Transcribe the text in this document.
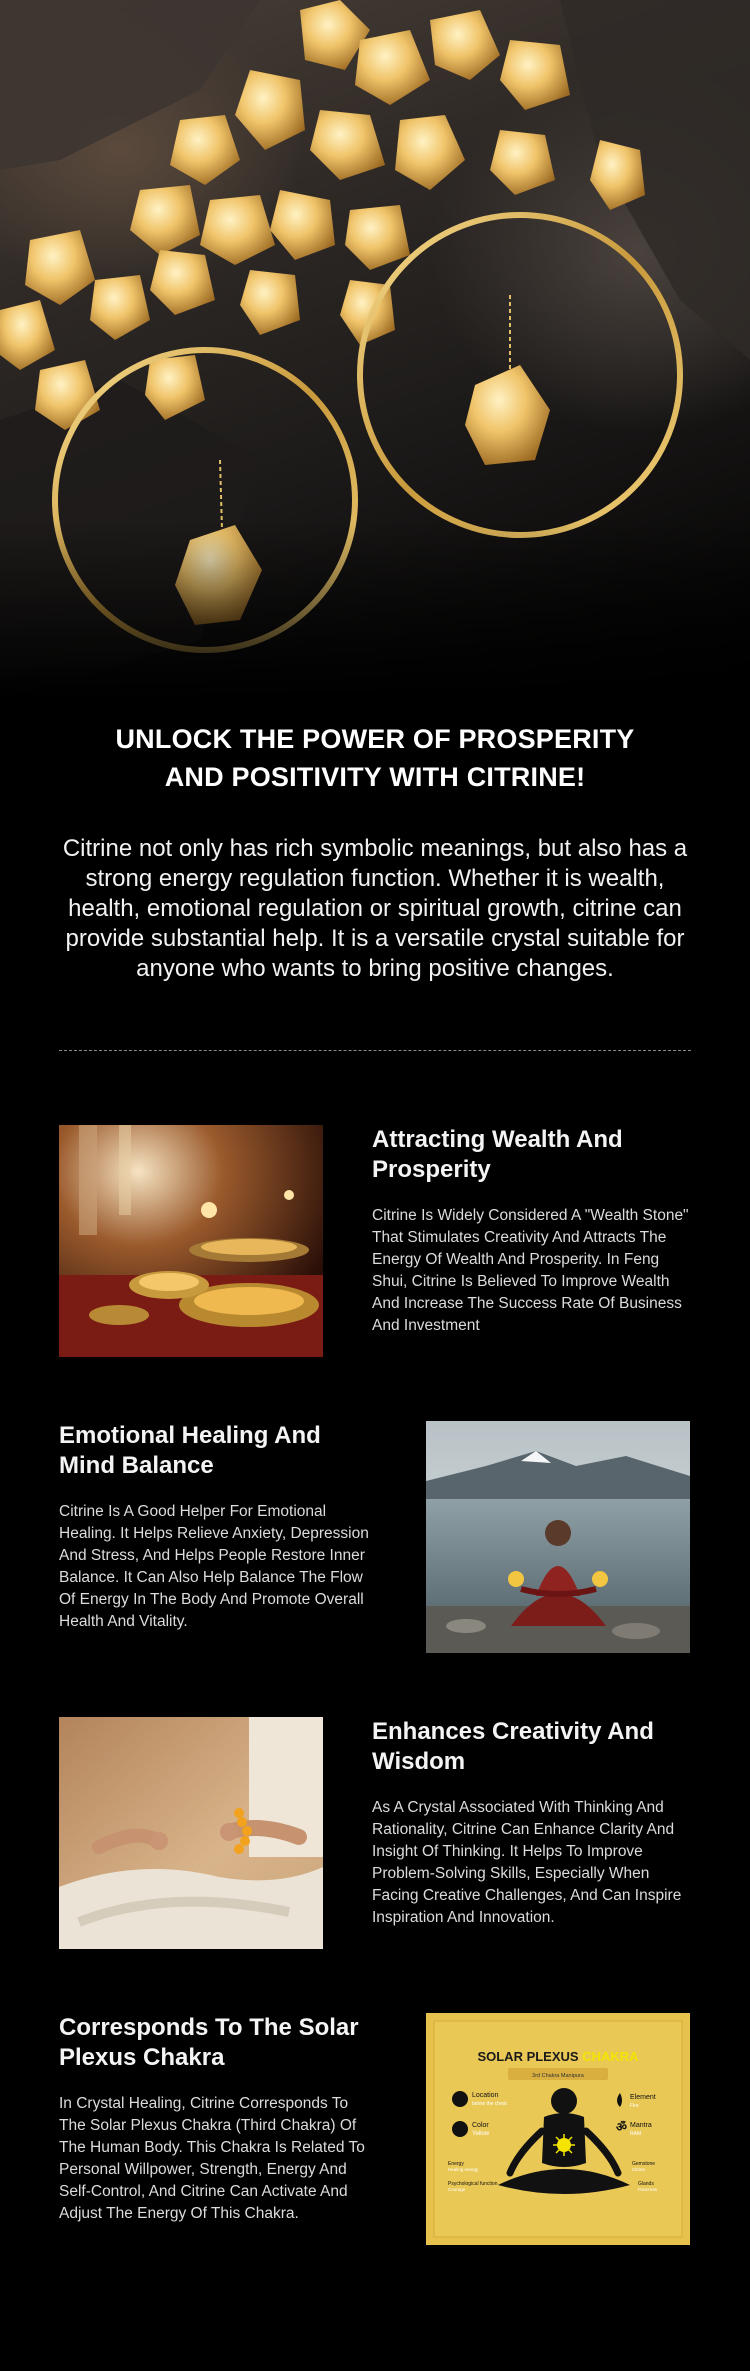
UNLOCK THE POWER OF PROSPERITY
AND POSITIVITY WITH CITRINE!

Citrine not only has rich symbolic meanings, but also has a strong energy regulation function. Whether it is wealth, health, emotional regulation or spiritual growth, citrine can provide substantial help. It is a versatile crystal suitable for anyone who wants to bring positive changes.

Attracting Wealth And Prosperity

Citrine Is Widely Considered A "Wealth Stone" That Stimulates Creativity And Attracts The Energy Of Wealth And Prosperity. In Feng Shui, Citrine Is Believed To Improve Wealth And Increase The Success Rate Of Business And Investment

Emotional Healing And Mind Balance

Citrine Is A Good Helper For Emotional Healing. It Helps Relieve Anxiety, Depression And Stress, And Helps People Restore Inner Balance. It Can Also Help Balance The Flow Of Energy In The Body And Promote Overall Health And Vitality.

Enhances Creativity And Wisdom

As A Crystal Associated With Thinking And Rationality, Citrine Can Enhance Clarity And Insight Of Thinking. It Helps To Improve Problem-Solving Skills, Especially When Facing Creative Challenges, And Can Inspire Inspiration And Innovation.

SOLAR PLEXUS CHAKRA
3rd Chakra Manipura
Location
below the chest
Color
Yellow
Element
Fire
ॐ Mantra
RAM
Energy
Healing energy
Psychological function
Courage
Gemstone
Citrine
Glands
Pancreas
Corresponds To The Solar Plexus Chakra

In Crystal Healing, Citrine Corresponds To The Solar Plexus Chakra (Third Chakra) Of The Human Body. This Chakra Is Related To Personal Willpower, Strength, Energy And Self-Control, And Citrine Can Activate And Adjust The Energy Of This Chakra.
